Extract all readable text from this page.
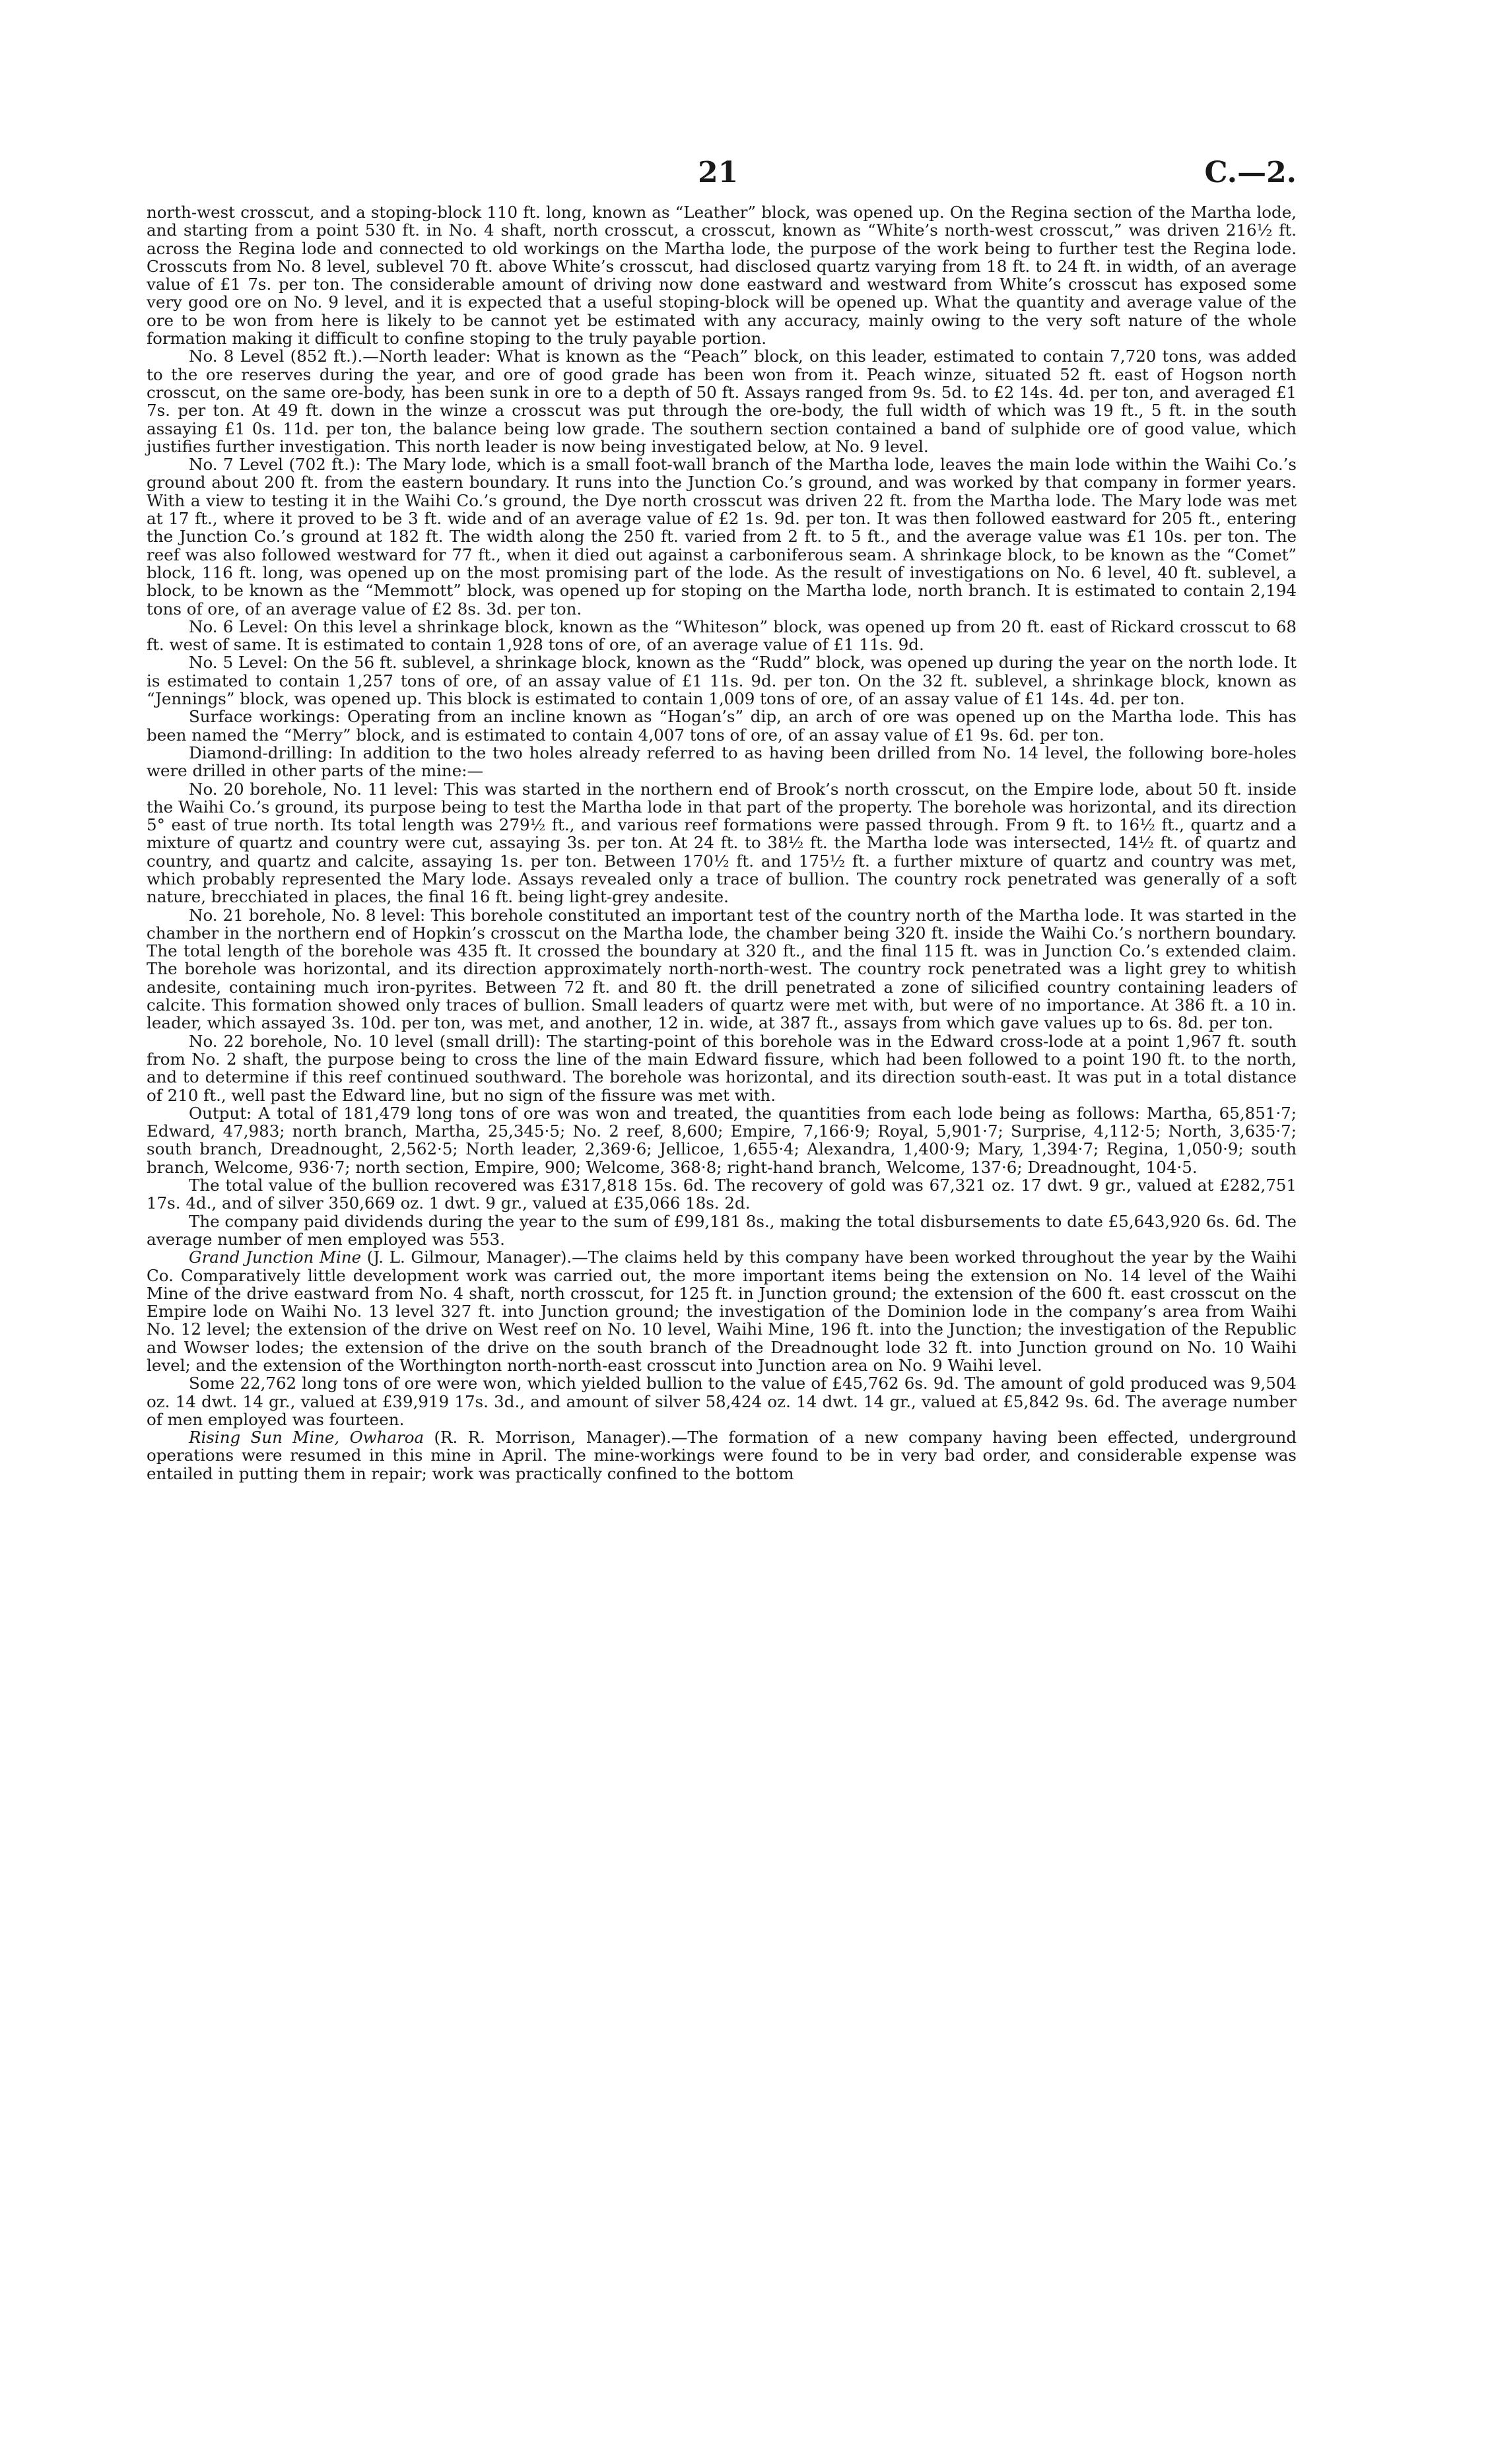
21	C.—2.

north-west crosscut, and a stoping-block 110 ft. long, known as “Leather” block, was opened up. On the Regina section of the Martha lode, and starting from a point 530 ft. in No. 4 shaft, north crosscut, a crosscut, known as “White’s north-west crosscut,” was driven 216½ ft. across the Regina lode and connected to old workings on the Martha lode, the purpose of the work being to further test the Regina lode. Crosscuts from No. 8 level, sublevel 70 ft. above White’s crosscut, had disclosed quartz varying from 18 ft. to 24 ft. in width, of an average value of £1 7s. per ton. The considerable amount of driving now done eastward and westward from White’s crosscut has exposed some very good ore on No. 9 level, and it is expected that a useful stoping-block will be opened up. What the quantity and average value of the ore to be won from here is likely to be cannot yet be estimated with any accuracy, mainly owing to the very soft nature of the whole formation making it difficult to confine stoping to the truly payable portion.

No. 8 Level (852 ft.).—North leader: What is known as the “Peach” block, on this leader, estimated to contain 7,720 tons, was added to the ore reserves during the year, and ore of good grade has been won from it. Peach winze, situated 52 ft. east of Hogson north crosscut, on the same ore-body, has been sunk in ore to a depth of 50 ft. Assays ranged from 9s. 5d. to £2 14s. 4d. per ton, and averaged £1 7s. per ton. At 49 ft. down in the winze a crosscut was put through the ore-body, the full width of which was 19 ft., 5 ft. in the south assaying £1 0s. 11d. per ton, the balance being low grade. The southern section contained a band of sulphide ore of good value, which justifies further investigation. This north leader is now being investigated below, at No. 9 level.

No. 7 Level (702 ft.): The Mary lode, which is a small foot-wall branch of the Martha lode, leaves the main lode within the Waihi Co.’s ground about 200 ft. from the eastern boundary. It runs into the Junction Co.’s ground, and was worked by that company in former years. With a view to testing it in the Waihi Co.’s ground, the Dye north crosscut was driven 22 ft. from the Martha lode. The Mary lode was met at 17 ft., where it proved to be 3 ft. wide and of an average value of £2 1s. 9d. per ton. It was then followed eastward for 205 ft., entering the Junction Co.’s ground at 182 ft. The width along the 250 ft. varied from 2 ft. to 5 ft., and the average value was £1 10s. per ton. The reef was also followed westward for 77 ft., when it died out against a carboniferous seam. A shrinkage block, to be known as the “Comet” block, 116 ft. long, was opened up on the most promising part of the lode. As the result of investigations on No. 6 level, 40 ft. sublevel, a block, to be known as the “Memmott” block, was opened up for stoping on the Martha lode, north branch. It is estimated to contain 2,194 tons of ore, of an average value of £2 8s. 3d. per ton.

No. 6 Level: On this level a shrinkage block, known as the “Whiteson” block, was opened up from 20 ft. east of Rickard crosscut to 68 ft. west of same. It is estimated to contain 1,928 tons of ore, of an average value of £1 11s. 9d.

No. 5 Level: On the 56 ft. sublevel, a shrinkage block, known as the “Rudd” block, was opened up during the year on the north lode. It is estimated to contain 1,257 tons of ore, of an assay value of £1 11s. 9d. per ton. On the 32 ft. sublevel, a shrinkage block, known as “Jennings” block, was opened up. This block is estimated to contain 1,009 tons of ore, of an assay value of £1 14s. 4d. per ton.

Surface workings: Operating from an incline known as “Hogan’s” dip, an arch of ore was opened up on the Martha lode. This has been named the “Merry” block, and is estimated to contain 4,007 tons of ore, of an assay value of £1 9s. 6d. per ton.

Diamond-drilling: In addition to the two holes already referred to as having been drilled from No. 14 level, the following bore-holes were drilled in other parts of the mine:—

No. 20 borehole, No. 11 level: This was started in the northern end of Brook’s north crosscut, on the Empire lode, about 50 ft. inside the Waihi Co.’s ground, its purpose being to test the Martha lode in that part of the property. The borehole was horizontal, and its direction 5° east of true north. Its total length was 279½ ft., and various reef formations were passed through. From 9 ft. to 16½ ft., quartz and a mixture of quartz and country were cut, assaying 3s. per ton. At 24 ft. to 38½ ft. the Martha lode was intersected, 14½ ft. of quartz and country, and quartz and calcite, assaying 1s. per ton. Between 170½ ft. and 175½ ft. a further mixture of quartz and country was met, which probably represented the Mary lode. Assays revealed only a trace of bullion. The country rock penetrated was generally of a soft nature, brecchiated in places, the final 16 ft. being light-grey andesite.

No. 21 borehole, No. 8 level: This borehole constituted an important test of the country north of the Martha lode. It was started in the chamber in the northern end of Hopkin’s crosscut on the Martha lode, the chamber being 320 ft. inside the Waihi Co.’s northern boundary. The total length of the borehole was 435 ft. It crossed the boundary at 320 ft., and the final 115 ft. was in Junction Co.’s extended claim. The borehole was horizontal, and its direction approximately north-north-west. The country rock penetrated was a light grey to whitish andesite, containing much iron-pyrites. Between 72 ft. and 80 ft. the drill penetrated a zone of silicified country containing leaders of calcite. This formation showed only traces of bullion. Small leaders of quartz were met with, but were of no importance. At 386 ft. a 10 in. leader, which assayed 3s. 10d. per ton, was met, and another, 12 in. wide, at 387 ft., assays from which gave values up to 6s. 8d. per ton.

No. 22 borehole, No. 10 level (small drill): The starting-point of this borehole was in the Edward cross-lode at a point 1,967 ft. south from No. 2 shaft, the purpose being to cross the line of the main Edward fissure, which had been followed to a point 190 ft. to the north, and to determine if this reef continued southward. The borehole was horizontal, and its direction south-east. It was put in a total distance of 210 ft., well past the Edward line, but no sign of the fissure was met with.

Output: A total of 181,479 long tons of ore was won and treated, the quantities from each lode being as follows: Martha, 65,851·7; Edward, 47,983; north branch, Martha, 25,345·5; No. 2 reef, 8,600; Empire, 7,166·9; Royal, 5,901·7; Surprise, 4,112·5; North, 3,635·7; south branch, Dreadnought, 2,562·5; North leader, 2,369·6; Jellicoe, 1,655·4; Alexandra, 1,400·9; Mary, 1,394·7; Regina, 1,050·9; south branch, Welcome, 936·7; north section, Empire, 900; Welcome, 368·8; right-hand branch, Welcome, 137·6; Dreadnought, 104·5.

The total value of the bullion recovered was £317,818 15s. 6d. The recovery of gold was 67,321 oz. 17 dwt. 9 gr., valued at £282,751 17s. 4d., and of silver 350,669 oz. 1 dwt. 9 gr., valued at £35,066 18s. 2d.

The company paid dividends during the year to the sum of £99,181 8s., making the total disbursements to date £5,643,920 6s. 6d. The average number of men employed was 553.

Grand Junction Mine (J. L. Gilmour, Manager).—The claims held by this company have been worked throughout the year by the Waihi Co. Comparatively little development work was carried out, the more important items being the extension on No. 14 level of the Waihi Mine of the drive eastward from No. 4 shaft, north crosscut, for 125 ft. in Junction ground; the extension of the 600 ft. east crosscut on the Empire lode on Waihi No. 13 level 327 ft. into Junction ground; the investigation of the Dominion lode in the company’s area from Waihi No. 12 level; the extension of the drive on West reef on No. 10 level, Waihi Mine, 196 ft. into the Junction; the investigation of the Republic and Wowser lodes; the extension of the drive on the south branch of the Dreadnought lode 32 ft. into Junction ground on No. 10 Waihi level; and the extension of the Worthington north-north-east crosscut into Junction area on No. 9 Waihi level.

Some 22,762 long tons of ore were won, which yielded bullion to the value of £45,762 6s. 9d. The amount of gold produced was 9,504 oz. 14 dwt. 14 gr., valued at £39,919 17s. 3d., and amount of silver 58,424 oz. 14 dwt. 14 gr., valued at £5,842 9s. 6d. The average number of men employed was fourteen.

Rising Sun Mine, Owharoa (R. R. Morrison, Manager).—The formation of a new company having been effected, underground operations were resumed in this mine in April. The mine-workings were found to be in very bad order, and considerable expense was entailed in putting them in repair; work was practically confined to the bottom
